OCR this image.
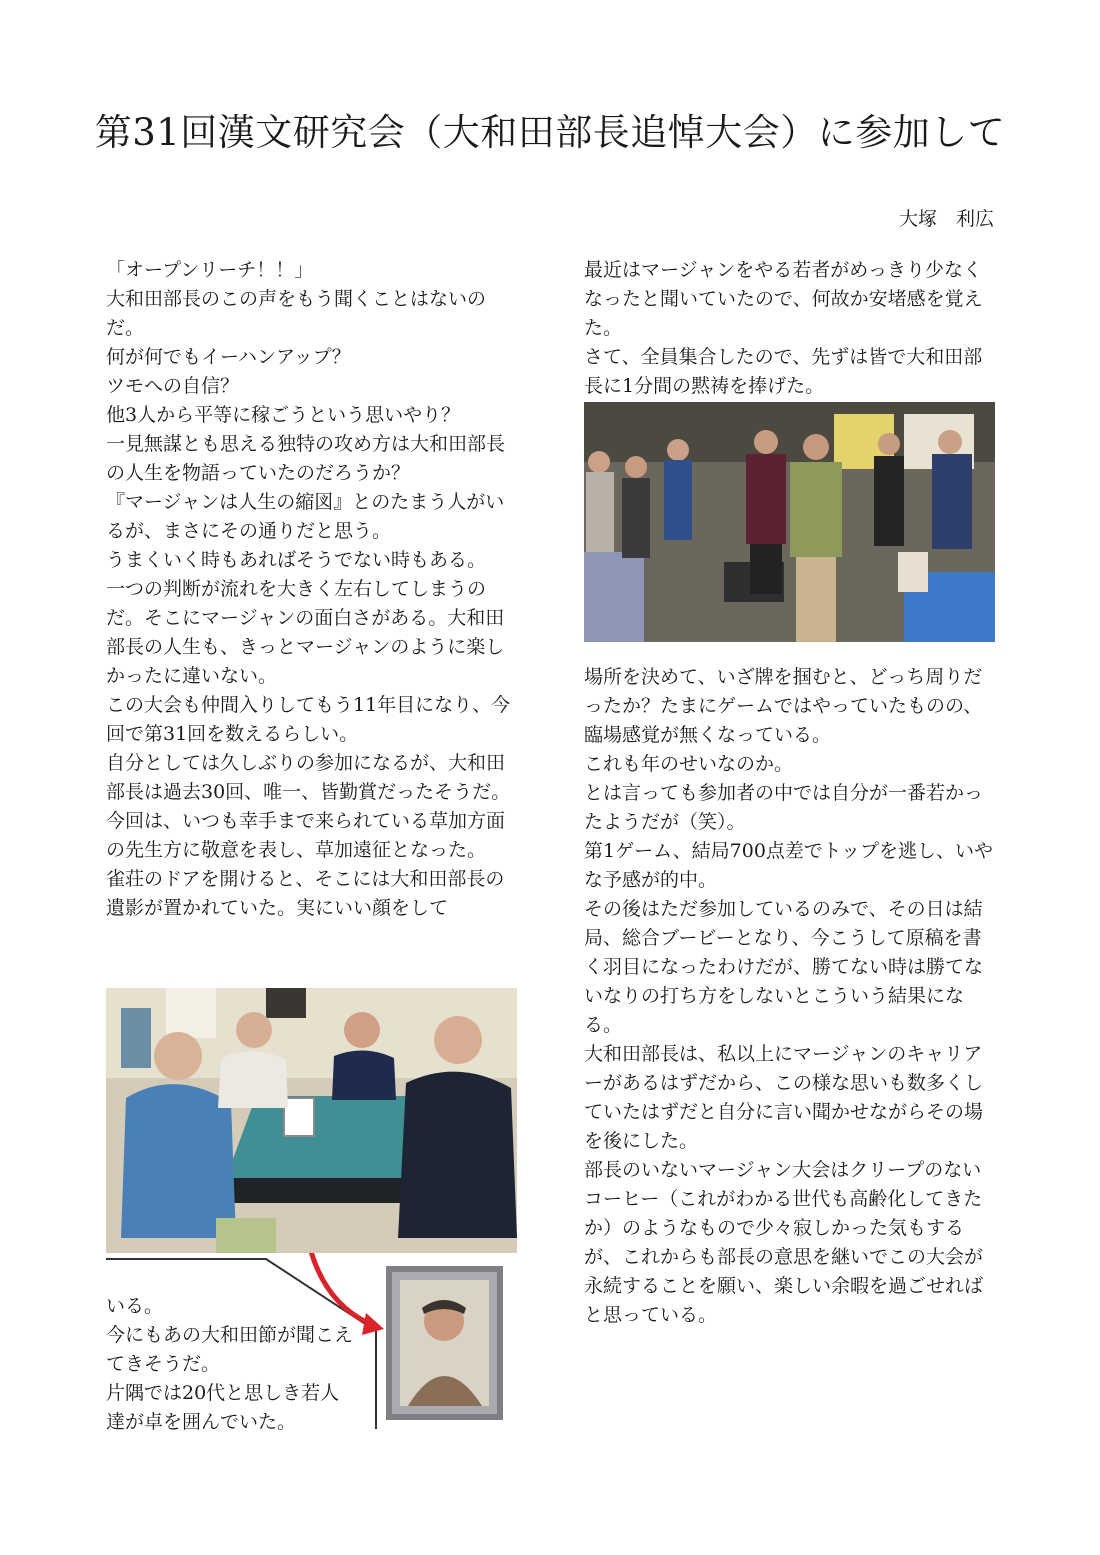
第31回漢文研究会（大和田部長追悼大会）に参加して

大塚　利広

「オープンリーチ！！」

大和田部長のこの声をもう聞くことはないのだ。

何が何でもイーハンアップ？

ツモへの自信？

他3人から平等に稼ごうという思いやり？

一見無謀とも思える独特の攻め方は大和田部長の人生を物語っていたのだろうか？

『マージャンは人生の縮図』とのたまう人がいるが、まさにその通りだと思う。

うまくいく時もあればそうでない時もある。

一つの判断が流れを大きく左右してしまうのだ。そこにマージャンの面白さがある。大和田部長の人生も、きっとマージャンのように楽しかったに違いない。

この大会も仲間入りしてもう11年目になり、今回で第31回を数えるらしい。

自分としては久しぶりの参加になるが、大和田部長は過去30回、唯一、皆勤賞だったそうだ。

今回は、いつも幸手まで来られている草加方面の先生方に敬意を表し、草加遠征となった。

雀荘のドアを開けると、そこには大和田部長の遺影が置かれていた。実にいい顔をして

いる。

今にもあの大和田節が聞こえてきそうだ。

片隅では20代と思しき若人達が卓を囲んでいた。

最近はマージャンをやる若者がめっきり少なくなったと聞いていたので、何故か安堵感を覚えた。

さて、全員集合したので、先ずは皆で大和田部長に1分間の黙祷を捧げた。

場所を決めて、いざ牌を掴むと、どっち周りだったか？たまにゲームではやっていたものの、臨場感覚が無くなっている。

これも年のせいなのか。

とは言っても参加者の中では自分が一番若かったようだが（笑）。

第1ゲーム、結局700点差でトップを逃し、いやな予感が的中。

その後はただ参加しているのみで、その日は結局、総合ブービーとなり、今こうして原稿を書く羽目になったわけだが、勝てない時は勝てないなりの打ち方をしないとこういう結果になる。

大和田部長は、私以上にマージャンのキャリアーがあるはずだから、この様な思いも数多くしていたはずだと自分に言い聞かせながらその場を後にした。

部長のいないマージャン大会はクリープのないコーヒー（これがわかる世代も高齢化してきたか）のようなもので少々寂しかった気もするが、これからも部長の意思を継いでこの大会が永続することを願い、楽しい余暇を過ごせればと思っている。
